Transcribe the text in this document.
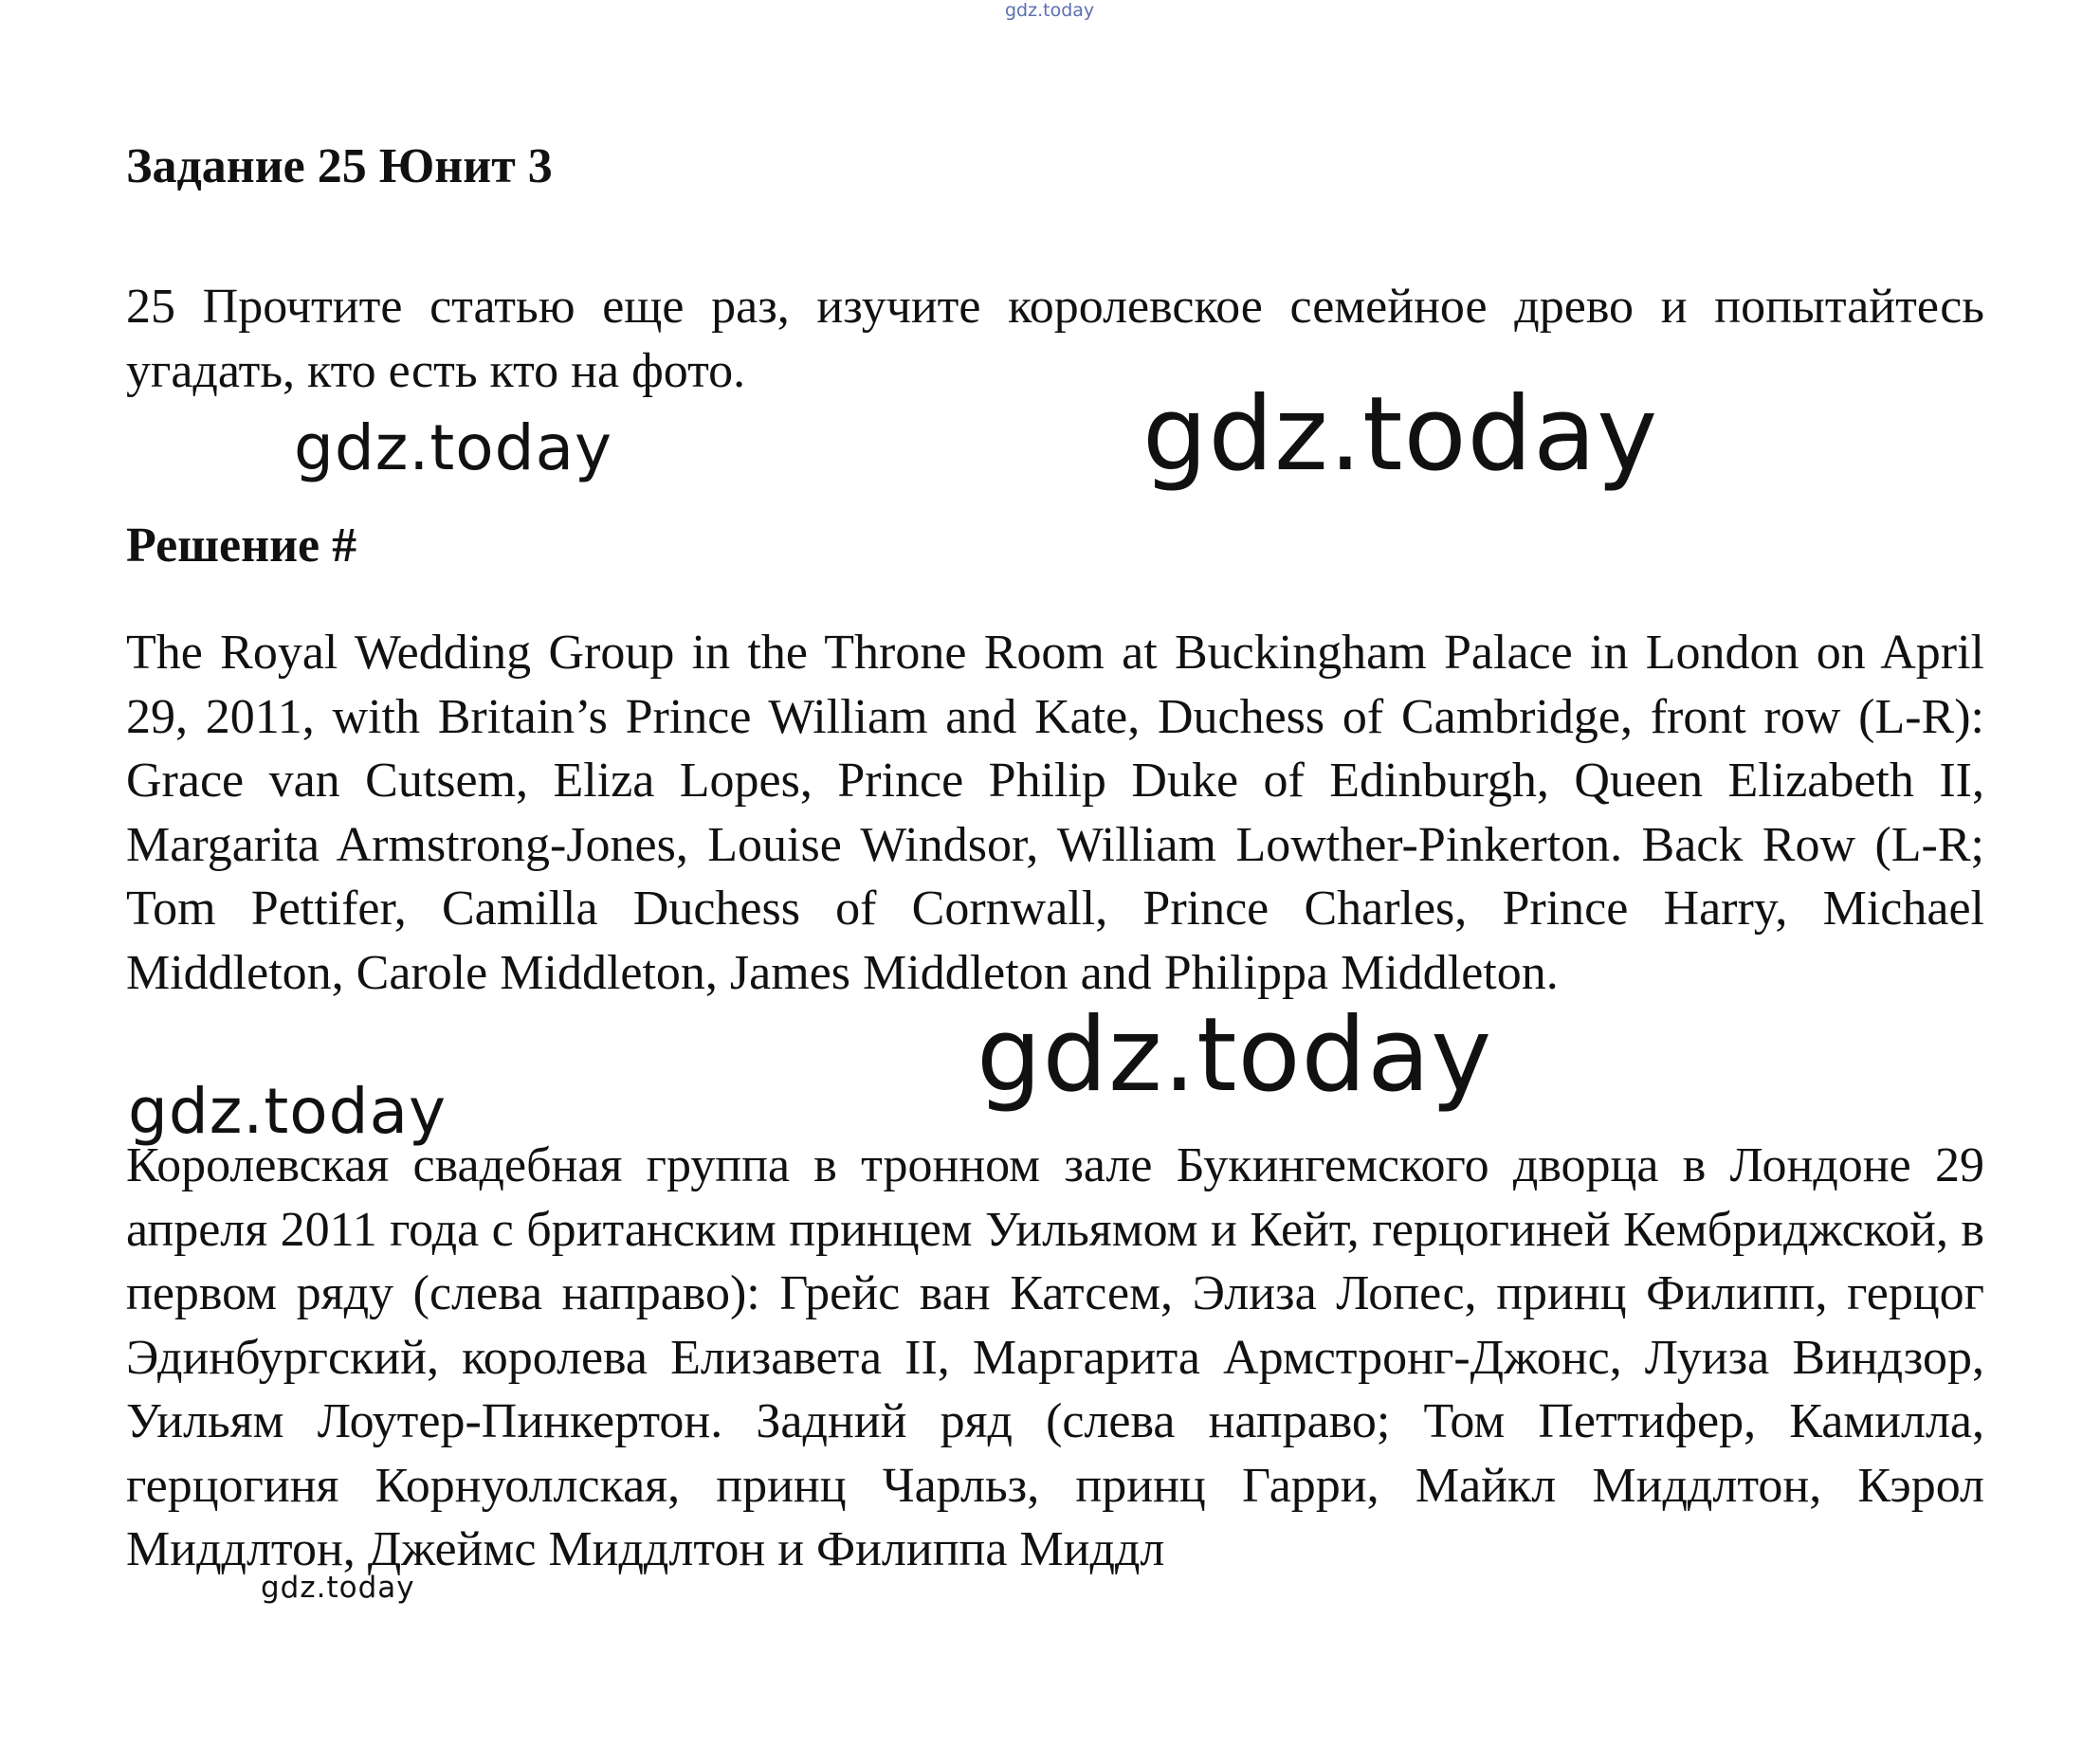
gdz.today
Задание 25 Юнит 3

25 Прочтите статью еще раз, изучите королевское семейное древо и попытайтесь угадать, кто есть кто на фото.

gdz.today	gdz.today
Решение #

The Royal Wedding Group in the Throne Room at Buckingham Palace in London on April 29, 2011, with Britain’s Prince William and Kate, Duchess of Cambridge, front row (L-R): Grace van Cutsem, Eliza Lopes, Prince Philip Duke of Edinburgh, Queen Elizabeth II, Margarita Armstrong-Jones, Louise Windsor, William Lowther-Pinkerton. Back Row (L-R; Tom Pettifer, Camilla Duchess of Cornwall, Prince Charles, Prince Harry, Michael Middleton, Carole Middleton, James Middleton and Philippa Middleton.

gdz.today
gdz.today

Королевская свадебная группа в тронном зале Букингемского дворца в Лондоне 29 апреля 2011 года с британским принцем Уильямом и Кейт, герцогиней Кембриджской, в первом ряду (слева направо): Грейс ван Катсем, Элиза Лопес, принц Филипп, герцог Эдинбургский, королева Елизавета II, Маргарита Армстронг-Джонс, Луиза Виндзор, Уильям Лоутер-Пинкертон. Задний ряд (слева направо; Том Петтифер, Камилла, герцогиня Корнуоллская, принц Чарльз, принц Гарри, Майкл Миддлтон, Кэрол Миддлтон, Джеймс Миддлтон и Филиппа Миддл

gdz.today
